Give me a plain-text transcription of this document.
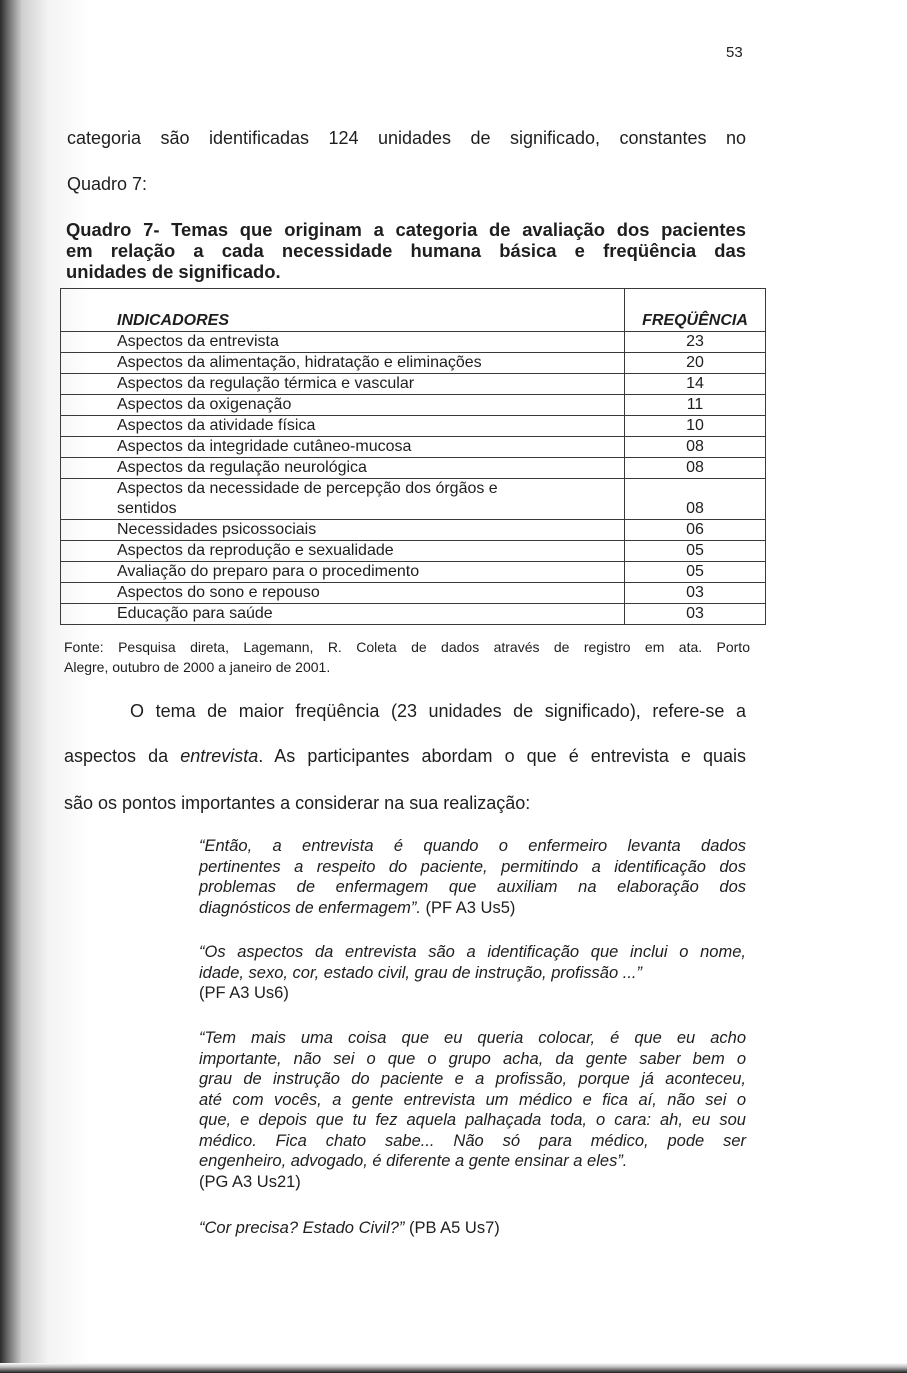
53
categoria são identificadas 124 unidades de significado, constantes no
Quadro 7:
Quadro 7- Temas que originam a categoria de avaliação dos pacientes
em relação a cada necessidade humana básica e freqüência das
unidades de significado.
INDICADORES	FREQÜÊNCIA
Aspectos da entrevista	23
Aspectos da alimentação, hidratação e eliminações	20
Aspectos da regulação térmica e vascular	14
Aspectos da oxigenação	11
Aspectos da atividade física	10
Aspectos da integridade cutâneo-mucosa	08
Aspectos da regulação neurológica	08
Aspectos da necessidade de percepção dos órgãos e
sentidos	08
Necessidades psicossociais	06
Aspectos da reprodução e sexualidade	05
Avaliação do preparo para o procedimento	05
Aspectos do sono e repouso	03
Educação para saúde	03
Fonte: Pesquisa direta, Lagemann, R. Coleta de dados através de registro em ata. Porto
Alegre, outubro de 2000 a janeiro de 2001.
O tema de maior freqüência (23 unidades de significado), refere-se a
aspectos da entrevista. As participantes abordam o que é entrevista e quais
são os pontos importantes a considerar na sua realização:
“Então, a entrevista é quando o enfermeiro levanta dados
pertinentes a respeito do paciente, permitindo a identificação dos
problemas de enfermagem que auxiliam na elaboração dos
diagnósticos de enfermagem”. (PF A3 Us5)
“Os aspectos da entrevista são a identificação que inclui o nome,
idade, sexo, cor, estado civil, grau de instrução, profissão ...”
(PF A3 Us6)
“Tem mais uma coisa que eu queria colocar, é que eu acho
importante, não sei o que o grupo acha, da gente saber bem o
grau de instrução do paciente e a profissão, porque já aconteceu,
até com vocês, a gente entrevista um médico e fica aí, não sei o
que, e depois que tu fez aquela palhaçada toda, o cara: ah, eu sou
médico. Fica chato sabe... Não só para médico, pode ser
engenheiro, advogado, é diferente a gente ensinar a eles”.
(PG A3 Us21)
“Cor precisa? Estado Civil?” (PB A5 Us7)
